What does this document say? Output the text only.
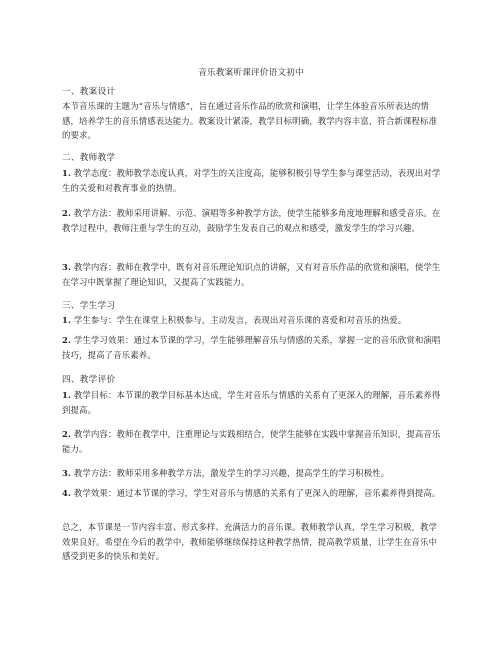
音乐教案听课评价语文初中
一、教案设计
本节音乐课的主题为“音乐与情感”，旨在通过音乐作品的欣赏和演唱，让学生体验音乐所表达的情感，培养学生的音乐情感表达能力。教案设计紧凑，教学目标明确，教学内容丰富，符合新课程标准的要求。
二、教师教学
1. 教学态度：教师教学态度认真，对学生的关注度高，能够积极引导学生参与课堂活动，表现出对学生的关爱和对教育事业的热情。
2. 教学方法：教师采用讲解、示范、演唱等多种教学方法，使学生能够多角度地理解和感受音乐。在教学过程中，教师注重与学生的互动，鼓励学生发表自己的观点和感受，激发学生的学习兴趣。
3. 教学内容：教师在教学中，既有对音乐理论知识点的讲解，又有对音乐作品的欣赏和演唱，使学生在学习中既掌握了理论知识，又提高了实践能力。
三、学生学习
1. 学生参与：学生在课堂上积极参与，主动发言，表现出对音乐课的喜爱和对音乐的热爱。
2. 学生学习效果：通过本节课的学习，学生能够理解音乐与情感的关系，掌握一定的音乐欣赏和演唱技巧，提高了音乐素养。
四、教学评价
1. 教学目标：本节课的教学目标基本达成，学生对音乐与情感的关系有了更深入的理解，音乐素养得到提高。
2. 教学内容：教师在教学中，注重理论与实践相结合，使学生能够在实践中掌握音乐知识，提高音乐能力。
3. 教学方法：教师采用多种教学方法，激发学生的学习兴趣，提高学生的学习积极性。
4. 教学效果：通过本节课的学习，学生对音乐与情感的关系有了更深入的理解，音乐素养得到提高。
总之，本节课是一节内容丰富、形式多样、充满活力的音乐课。教师教学认真，学生学习积极，教学效果良好。希望在今后的教学中，教师能够继续保持这种教学热情，提高教学质量，让学生在音乐中感受到更多的快乐和美好。
